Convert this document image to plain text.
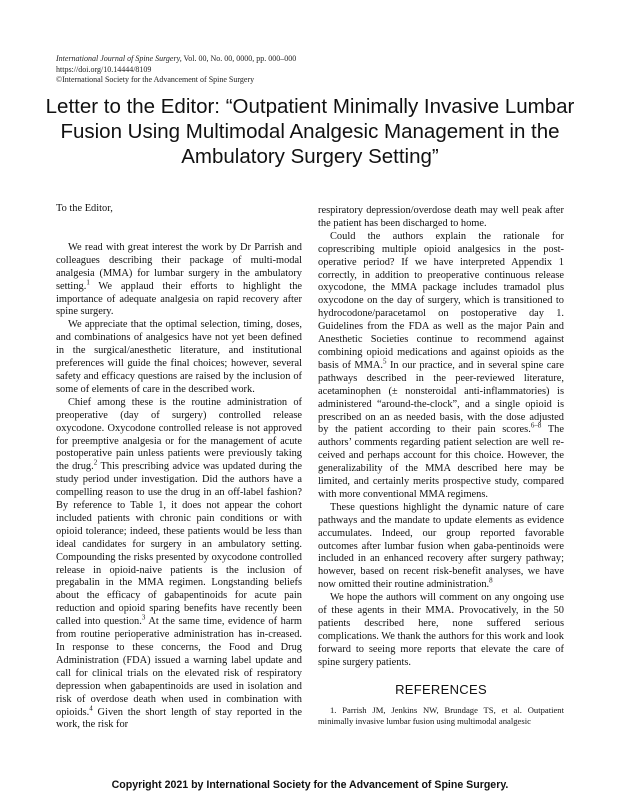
International Journal of Spine Surgery, Vol. 00, No. 00, 0000, pp. 000–000
https://doi.org/10.14444/8109
©International Society for the Advancement of Spine Surgery
Letter to the Editor: “Outpatient Minimally Invasive Lumbar Fusion Using Multimodal Analgesic Management in the Ambulatory Surgery Setting”

To the Editor,

We read with great interest the work by Dr Parrish and colleagues describing their package of multi-modal analgesia (MMA) for lumbar surgery in the ambulatory setting.$^1$ We applaud their efforts to highlight the importance of adequate analgesia on rapid recovery after spine surgery.

We appreciate that the optimal selection, timing, doses, and combinations of analgesics have not yet been defined in the surgical/anesthetic literature, and institutional preferences will guide the final choices; however, several safety and efficacy questions are raised by the inclusion of some of elements of care in the described work.

Chief among these is the routine administration of preoperative (day of surgery) controlled release oxycodone. Oxycodone controlled release is not approved for preemptive analgesia or for the management of acute postoperative pain unless patients were previously taking the drug.$^2$ This prescribing advice was updated during the study period under investigation. Did the authors have a compelling reason to use the drug in an off-label fashion? By reference to Table 1, it does not appear the cohort included patients with chronic pain conditions or with opioid tolerance; indeed, these patients would be less than ideal candidates for surgery in an ambulatory setting. Compounding the risks presented by oxycodone controlled release in opioid-naive patients is the inclusion of pregabalin in the MMA regimen. Longstanding beliefs about the efficacy of gabapentinoids for acute pain reduction and opioid sparing benefits have recently been called into question.$^3$ At the same time, evidence of harm from routine perioperative administration has in-creased. In response to these concerns, the Food and Drug Administration (FDA) issued a warning label update and call for clinical trials on the elevated risk of respiratory depression when gabapentinoids are used in isolation and risk of overdose death when used in combination with opioids.$^4$ Given the short length of stay reported in the work, the risk for

respiratory depression/overdose death may well peak after the patient has been discharged to home.

Could the authors explain the rationale for coprescribing multiple opioid analgesics in the post-operative period? If we have interpreted Appendix 1 correctly, in addition to preoperative continuous release oxycodone, the MMA package includes tramadol plus oxycodone on the day of surgery, which is transitioned to hydrocodone/paracetamol on postoperative day 1. Guidelines from the FDA as well as the major Pain and Anesthetic Societies continue to recommend against combining opioid medications and against opioids as the basis of MMA.$^5$ In our practice, and in several spine care pathways described in the peer-reviewed literature, acetaminophen (± nonsteroidal anti-inflammatories) is administered “around-the-clock”, and a single opioid is prescribed on an as needed basis, with the dose adjusted by the patient according to their pain scores.$^{6-8}$ The authors’ comments regarding patient selection are well re-ceived and perhaps account for this choice. However, the generalizability of the MMA described here may be limited, and certainly merits prospective study, compared with more conventional MMA regimens.

These questions highlight the dynamic nature of care pathways and the mandate to update elements as evidence accumulates. Indeed, our group reported favorable outcomes after lumbar fusion when gaba-pentinoids were included in an enhanced recovery after surgery pathway; however, based on recent risk-benefit analyses, we have now omitted their routine administration.$^8$

We hope the authors will comment on any ongoing use of these agents in their MMA. Provocatively, in the 50 patients described here, none suffered serious complications. We thank the authors for this work and look forward to seeing more reports that elevate the care of spine surgery patients.

REFERENCES

1. Parrish JM, Jenkins NW, Brundage TS, et al. Outpatient minimally invasive lumbar fusion using multimodal analgesic

Copyright 2021 by International Society for the Advancement of Spine Surgery.
